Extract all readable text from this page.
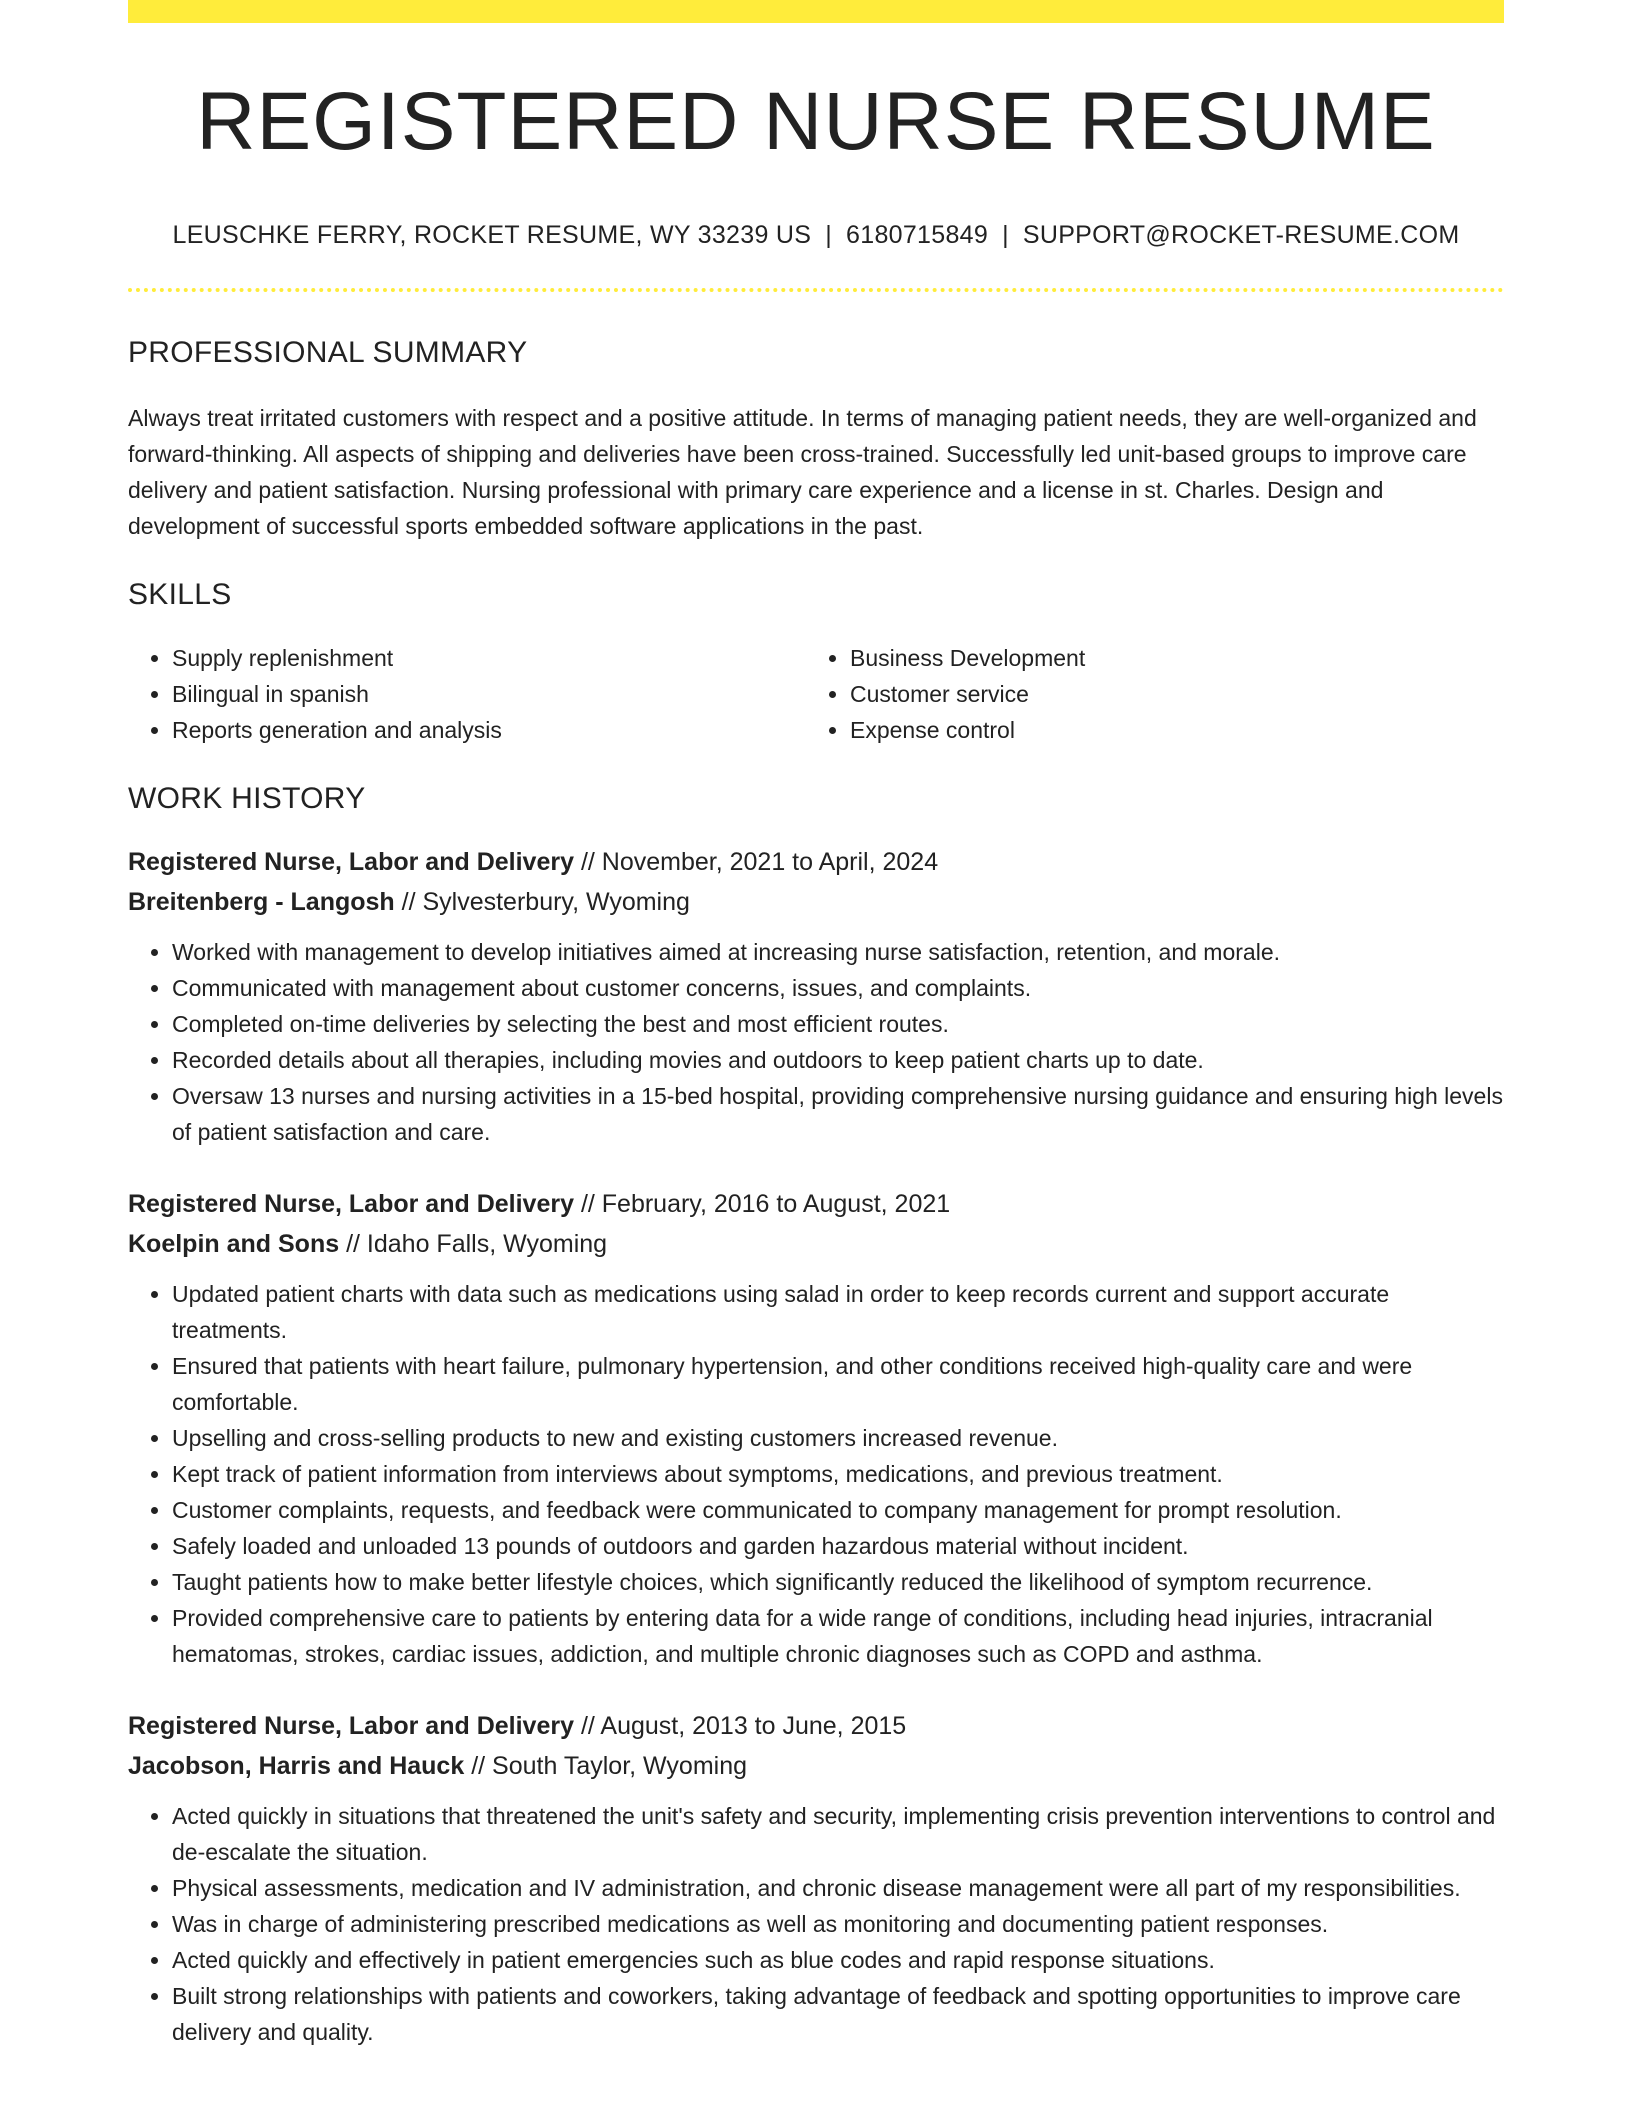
REGISTERED NURSE RESUME
LEUSCHKE FERRY, ROCKET RESUME, WY 33239 US | 6180715849 | SUPPORT@ROCKET-RESUME.COM
PROFESSIONAL SUMMARY

Always treat irritated customers with respect and a positive attitude. In terms of managing patient needs, they are well-organized and forward-thinking. All aspects of shipping and deliveries have been cross-trained. Successfully led unit-based groups to improve care delivery and patient satisfaction. Nursing professional with primary care experience and a license in st. Charles. Design and development of successful sports embedded software applications in the past.

SKILLS
• Supply replenishment
• Bilingual in spanish
• Reports generation and analysis
• Business Development
• Customer service
• Expense control
WORK HISTORY
Registered Nurse, Labor and Delivery // November, 2021 to April, 2024
Breitenberg - Langosh // Sylvesterbury, Wyoming
• Worked with management to develop initiatives aimed at increasing nurse satisfaction, retention, and morale.
• Communicated with management about customer concerns, issues, and complaints.
• Completed on-time deliveries by selecting the best and most efficient routes.
• Recorded details about all therapies, including movies and outdoors to keep patient charts up to date.
• Oversaw 13 nurses and nursing activities in a 15-bed hospital, providing comprehensive nursing guidance and ensuring high levels of patient satisfaction and care.
Registered Nurse, Labor and Delivery // February, 2016 to August, 2021
Koelpin and Sons // Idaho Falls, Wyoming
• Updated patient charts with data such as medications using salad in order to keep records current and support accurate treatments.
• Ensured that patients with heart failure, pulmonary hypertension, and other conditions received high-quality care and were comfortable.
• Upselling and cross-selling products to new and existing customers increased revenue.
• Kept track of patient information from interviews about symptoms, medications, and previous treatment.
• Customer complaints, requests, and feedback were communicated to company management for prompt resolution.
• Safely loaded and unloaded 13 pounds of outdoors and garden hazardous material without incident.
• Taught patients how to make better lifestyle choices, which significantly reduced the likelihood of symptom recurrence.
• Provided comprehensive care to patients by entering data for a wide range of conditions, including head injuries, intracranial hematomas, strokes, cardiac issues, addiction, and multiple chronic diagnoses such as COPD and asthma.
Registered Nurse, Labor and Delivery // August, 2013 to June, 2015
Jacobson, Harris and Hauck // South Taylor, Wyoming
• Acted quickly in situations that threatened the unit's safety and security, implementing crisis prevention interventions to control and de-escalate the situation.
• Physical assessments, medication and IV administration, and chronic disease management were all part of my responsibilities.
• Was in charge of administering prescribed medications as well as monitoring and documenting patient responses.
• Acted quickly and effectively in patient emergencies such as blue codes and rapid response situations.
• Built strong relationships with patients and coworkers, taking advantage of feedback and spotting opportunities to improve care delivery and quality.
